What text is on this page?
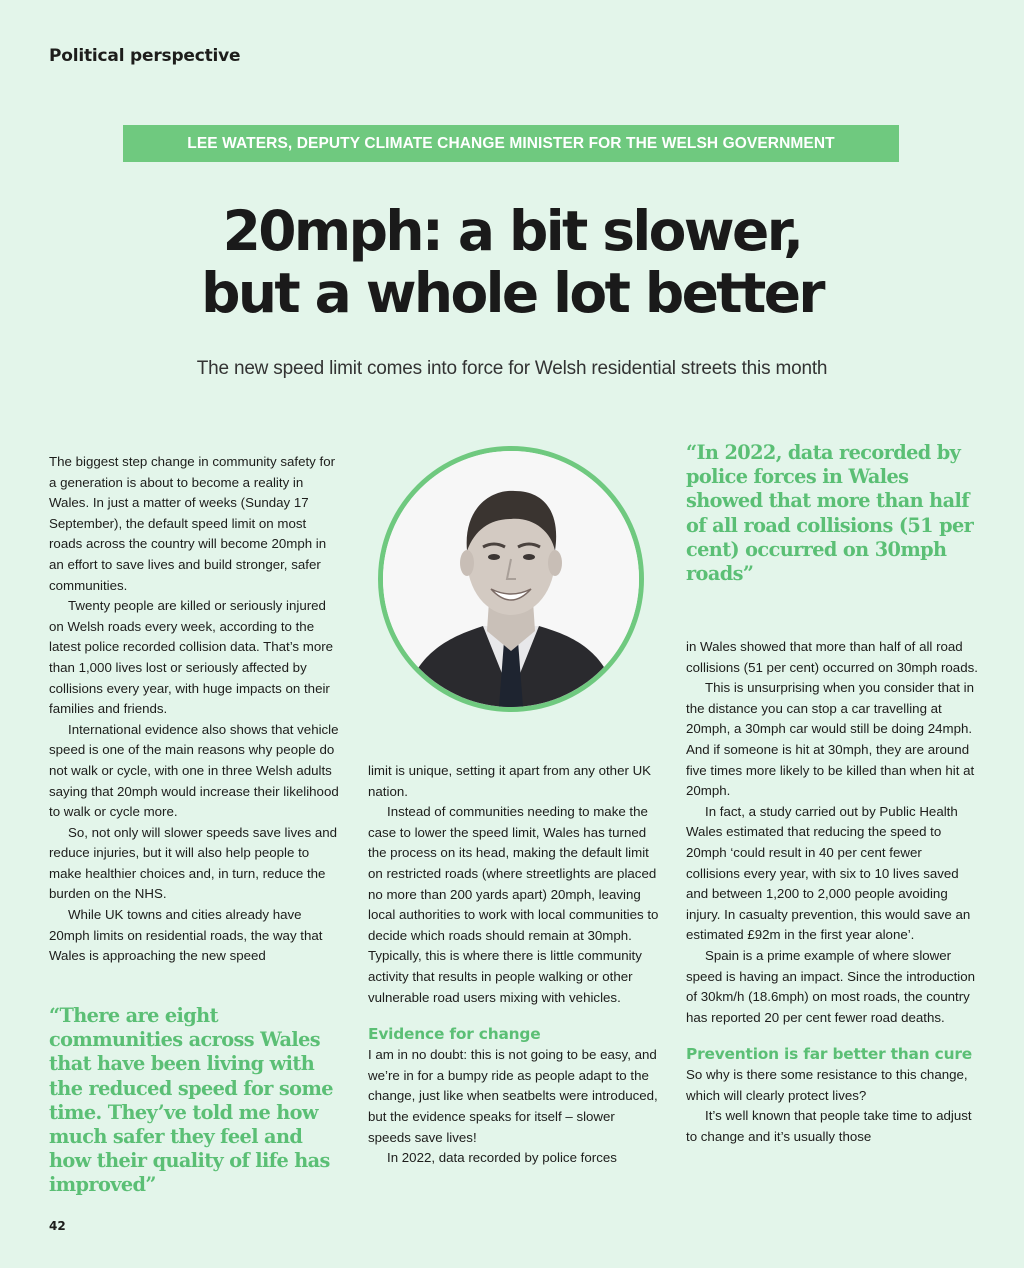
Political perspective
LEE WATERS, DEPUTY CLIMATE CHANGE MINISTER FOR THE WELSH GOVERNMENT
20mph: a bit slower,
but a whole lot better
The new speed limit comes into force for Welsh residential streets this month

The biggest step change in community safety for a generation is about to become a reality in Wales. In just a matter of weeks (Sunday 17 September), the default speed limit on most roads across the country will become 20mph in an effort to save lives and build stronger, safer communities.

Twenty people are killed or seriously injured on Welsh roads every week, according to the latest police recorded collision data. That’s more than 1,000 lives lost or seriously affected by collisions every year, with huge impacts on their families and friends.

International evidence also shows that vehicle speed is one of the main reasons why people do not walk or cycle, with one in three Welsh adults saying that 20mph would increase their likelihood to walk or cycle more.

So, not only will slower speeds save lives and reduce injuries, but it will also help people to make healthier choices and, in turn, reduce the burden on the NHS.

While UK towns and cities already have 20mph limits on residential roads, the way that Wales is approaching the new speed

“There are eight communities across Wales that have been living with the reduced speed for some time. They’ve told me how much safer they feel and how their quality of life has improved”

limit is unique, setting it apart from any other UK nation.

Instead of communities needing to make the case to lower the speed limit, Wales has turned the process on its head, making the default limit on restricted roads (where streetlights are placed no more than 200 yards apart) 20mph, leaving local authorities to work with local communities to decide which roads should remain at 30mph. Typically, this is where there is little community activity that results in people walking or other vulnerable road users mixing with vehicles.

Evidence for change

I am in no doubt: this is not going to be easy, and we’re in for a bumpy ride as people adapt to the change, just like when seatbelts were introduced, but the evidence speaks for itself – slower speeds save lives!

In 2022, data recorded by police forces

“In 2022, data recorded by police forces in Wales showed that more than half of all road collisions (51 per cent) occurred on 30mph roads”

in Wales showed that more than half of all road collisions (51 per cent) occurred on 30mph roads.

This is unsurprising when you consider that in the distance you can stop a car travelling at 20mph, a 30mph car would still be doing 24mph. And if someone is hit at 30mph, they are around five times more likely to be killed than when hit at 20mph.

In fact, a study carried out by Public Health Wales estimated that reducing the speed to 20mph ‘could result in 40 per cent fewer collisions every year, with six to 10 lives saved and between 1,200 to 2,000 people avoiding injury. In casualty prevention, this would save an estimated £92m in the first year alone’.

Spain is a prime example of where slower speed is having an impact. Since the introduction of 30km/h (18.6mph) on most roads, the country has reported 20 per cent fewer road deaths.

Prevention is far better than cure

So why is there some resistance to this change, which will clearly protect lives?

It’s well known that people take time to adjust to change and it’s usually those

42
